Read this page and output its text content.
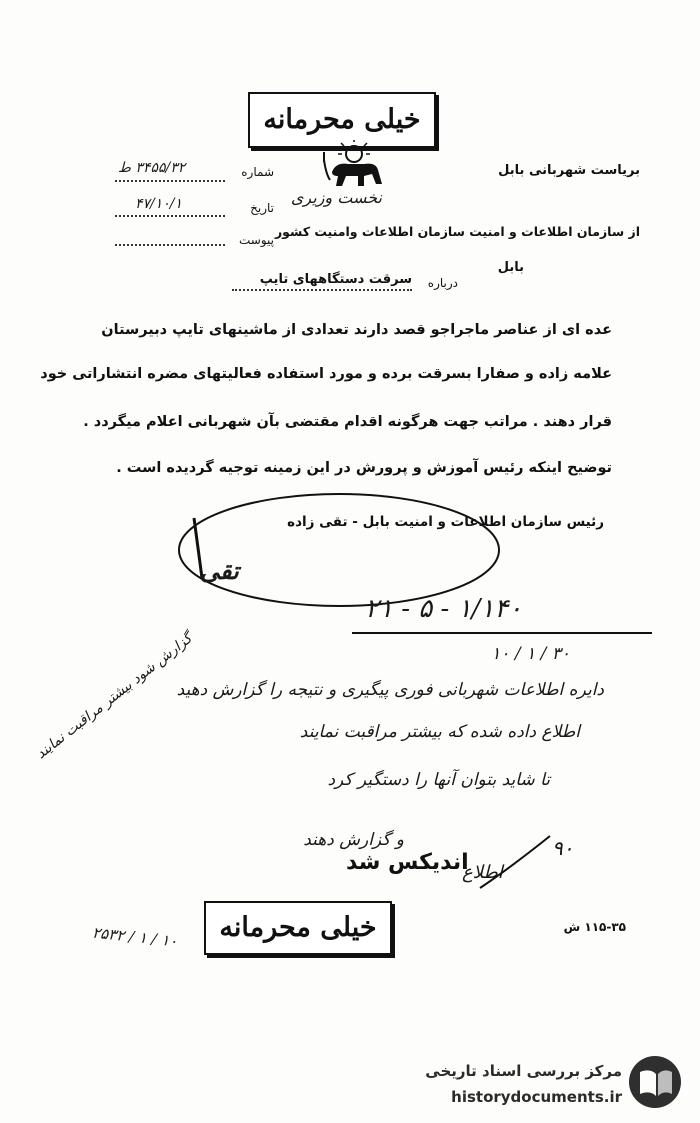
خیلی محرمانه
بریاست شهربانی بابل
نخست وزیری
از سازمان اطلاعات و امنیت سازمان اطلاعات وامنیت کشور
بابل
شماره
۳۴۵۵/۳۲ ط
تاریخ
۴۷/۱۰/۱
پیوست
درباره
سرقت دستگاههای تایپ
عده ای از عناصر ماجراجو قصد دارند تعدادی از ماشینهای تایپ دبیرستان
علامه زاده و صفارا بسرقت برده و مورد استفاده فعالیتهای مضره انتشاراتی خود
قرار دهند . مراتب جهت هرگونه اقدام مقتضی بآن شهربانی اعلام میگردد .
توضیح اینکه رئیس آموزش و پرورش در این زمینه توجیه گردیده است .
رئیس سازمان اطلاعات و امنیت بابل - تقی زاده
تقی
۲۱ - ۵ - ۱/۱۴۰
۱۰ / ۱ / ۳۰
دایره اطلاعات شهربانی فوری پیگیری و نتیجه را گزارش دهید
اطلاع داده شده که بیشتر مراقبت نمایند
تا شاید بتوان آنها را دستگیر کرد
و گزارش دهند
گزارش شود بیشتر مراقبت نمایند
۲۵۳۲ / ۱ / ۱۰
اندیکس شد
اطلاع
۹۰
خیلی محرمانه	۱۱۵-۳۵ ش
مرکز بررسی اسناد تاریخی
historydocuments.ir
